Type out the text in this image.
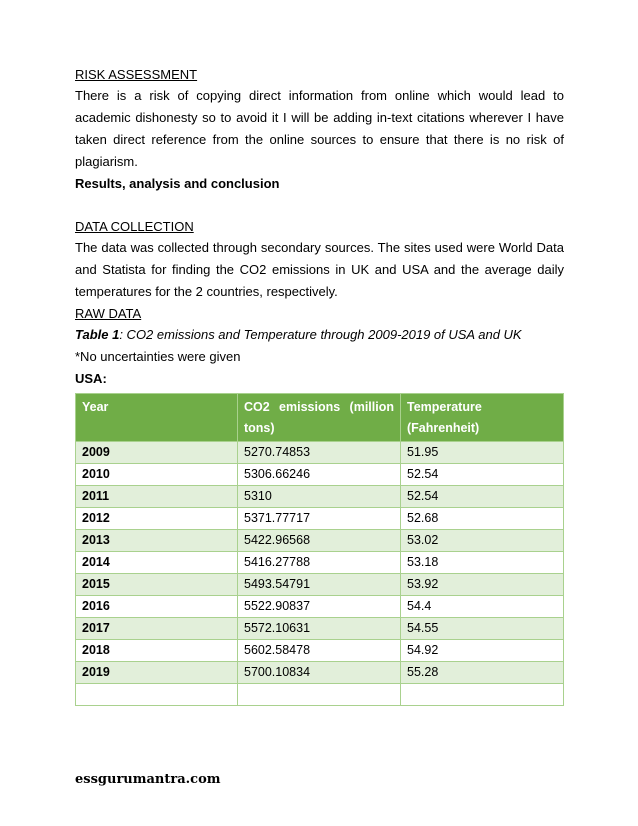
RISK ASSESSMENT
There is a risk of copying direct information from online which would lead to academic dishonesty so to avoid it I will be adding in-text citations wherever I have taken direct reference from the online sources to ensure that there is no risk of plagiarism.
Results, analysis and conclusion
DATA COLLECTION
The data was collected through secondary sources. The sites used were World Data and Statista for finding the CO2 emissions in UK and USA and the average daily temperatures for the 2 countries, respectively.
RAW DATA
Table 1: CO2 emissions and Temperature through 2009-2019 of USA and UK
*No uncertainties were given
USA:
Year	CO2 emissions (million tons)	Temperature (Fahrenheit)
2009	5270.74853	51.95
2010	5306.66246	52.54
2011	5310	52.54
2012	5371.77717	52.68
2013	5422.96568	53.02
2014	5416.27788	53.18
2015	5493.54791	53.92
2016	5522.90837	54.4
2017	5572.10631	54.55
2018	5602.58478	54.92
2019	5700.10834	55.28

essgurumantra.com
